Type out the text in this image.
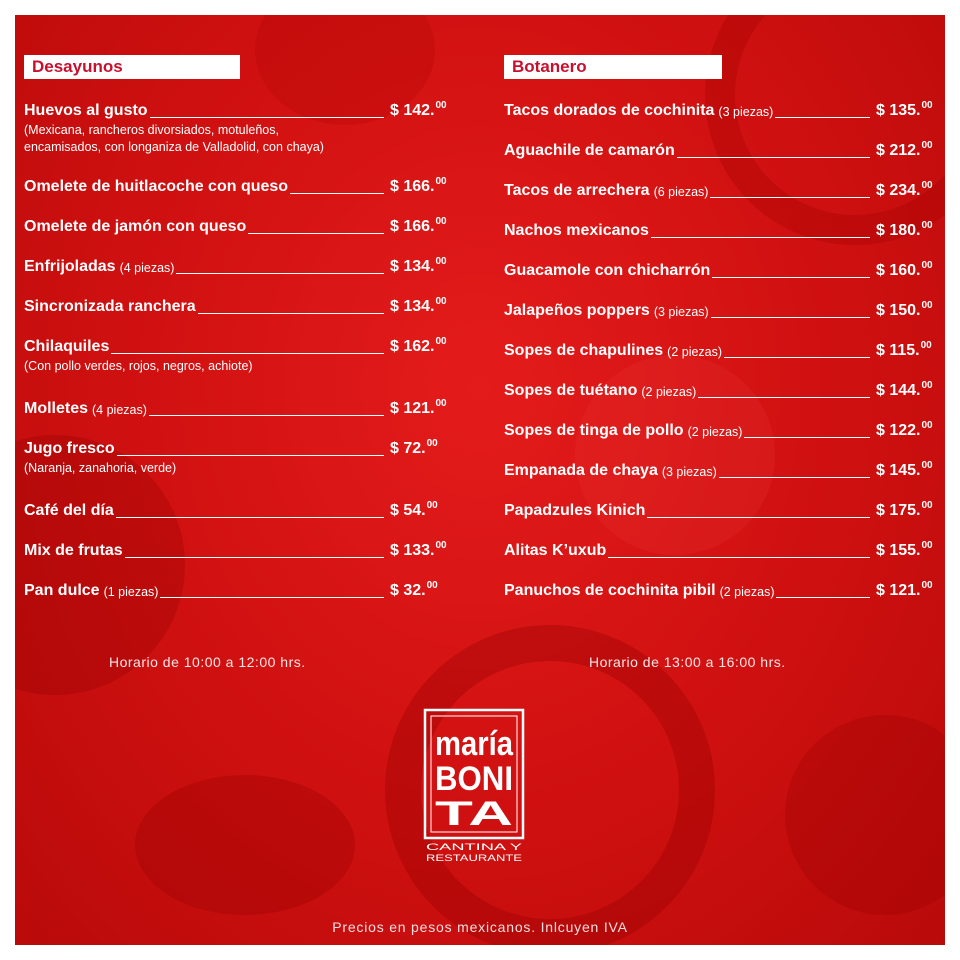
Desayunos
Huevos al gusto	$ 142.00
(Mexicana, rancheros divorsiados, motuleños,
encamisados, con longaniza de Valladolid, con chaya)
Omelete de huitlacoche con queso	$ 166.00
Omelete de jamón con queso	$ 166.00
Enfrijoladas (4 piezas)	$ 134.00
Sincronizada ranchera	$ 134.00
Chilaquiles	$ 162.00
(Con pollo verdes, rojos, negros, achiote)
Molletes (4 piezas)	$ 121.00
Jugo fresco	$ 72.00
(Naranja, zanahoria, verde)
Café del día	$ 54.00
Mix de frutas	$ 133.00
Pan dulce (1 piezas)	$ 32.00
Botanero
Tacos dorados de cochinita (3 piezas)	$ 135.00
Aguachile de camarón	$ 212.00
Tacos de arrechera (6 piezas)	$ 234.00
Nachos mexicanos	$ 180.00
Guacamole con chicharrón	$ 160.00
Jalapeños poppers (3 piezas)	$ 150.00
Sopes de chapulines (2 piezas)	$ 115.00
Sopes de tuétano (2 piezas)	$ 144.00
Sopes de tinga de pollo (2 piezas)	$ 122.00
Empanada de chaya (3 piezas)	$ 145.00
Papadzules Kinich	$ 175.00
Alitas K’uxub	$ 155.00
Panuchos de cochinita pibil (2 piezas)	$ 121.00
Horario de 10:00 a 12:00 hrs.	Horario de 13:00 a 16:00 hrs.
maría
BONI
TA
CANTINA Y
RESTAURANTE
Precios en pesos mexicanos. Inlcuyen IVA
